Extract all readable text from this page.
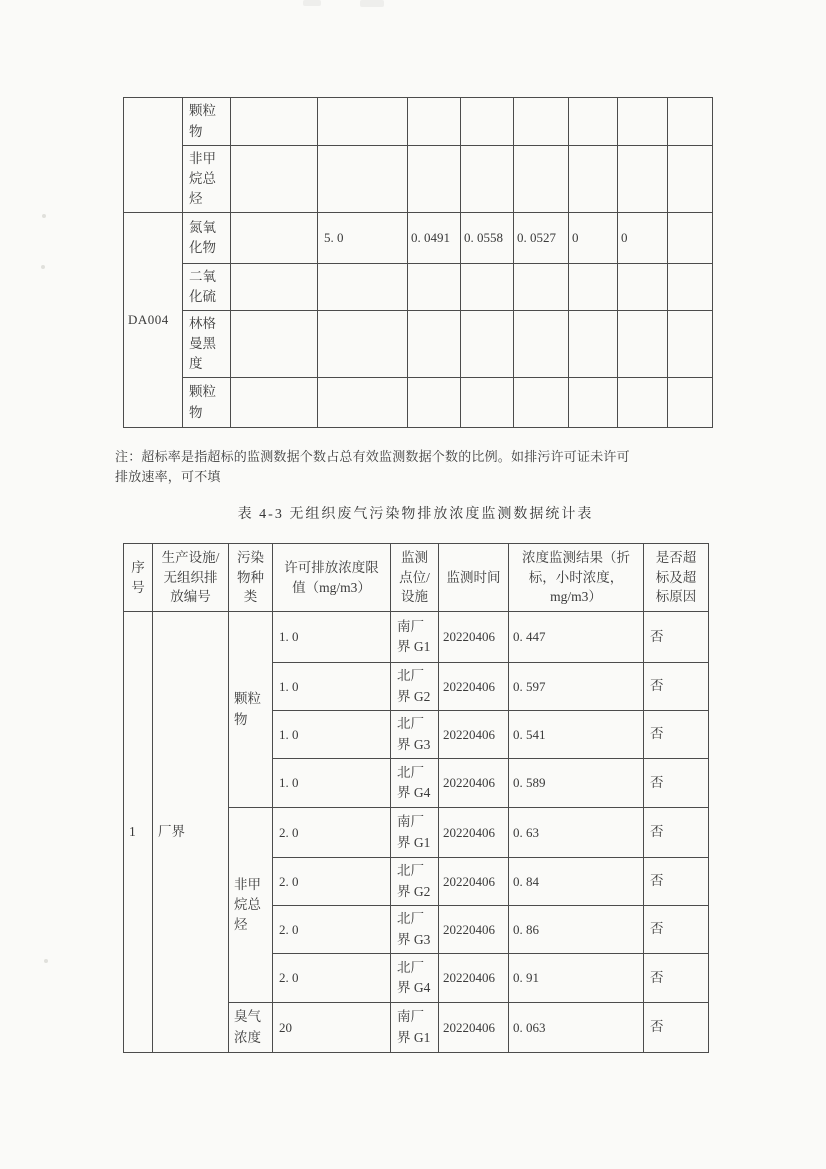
	颗粒物								
	非甲烷总烃								
DA004	氮氧化物		5. 0	0. 0491	0. 0558	0. 0527	0	0	
	二氧化硫								
	林格曼黑度								
	颗粒物								
注：超标率是指超标的监测数据个数占总有效监测数据个数的比例。如排污许可证未许可
排放速率，可不填
表 4-3 无组织废气污染物排放浓度监测数据统计表
序号	生产设施/无组织排放编号	污染物种类	许可排放浓度限值（mg/m3）	监测点位/设施	监测时间	浓度监测结果（折标，小时浓度，mg/m3）	是否超标及超标原因
1	厂界	颗粒物	1. 0	南厂界 G1	20220406	0. 447	否
			1. 0	北厂界 G2	20220406	0. 597	否
			1. 0	北厂界 G3	20220406	0. 541	否
			1. 0	北厂界 G4	20220406	0. 589	否
		非甲烷总烃	2. 0	南厂界 G1	20220406	0. 63	否
			2. 0	北厂界 G2	20220406	0. 84	否
			2. 0	北厂界 G3	20220406	0. 86	否
			2. 0	北厂界 G4	20220406	0. 91	否
		臭气浓度	20	南厂界 G1	20220406	0. 063	否
